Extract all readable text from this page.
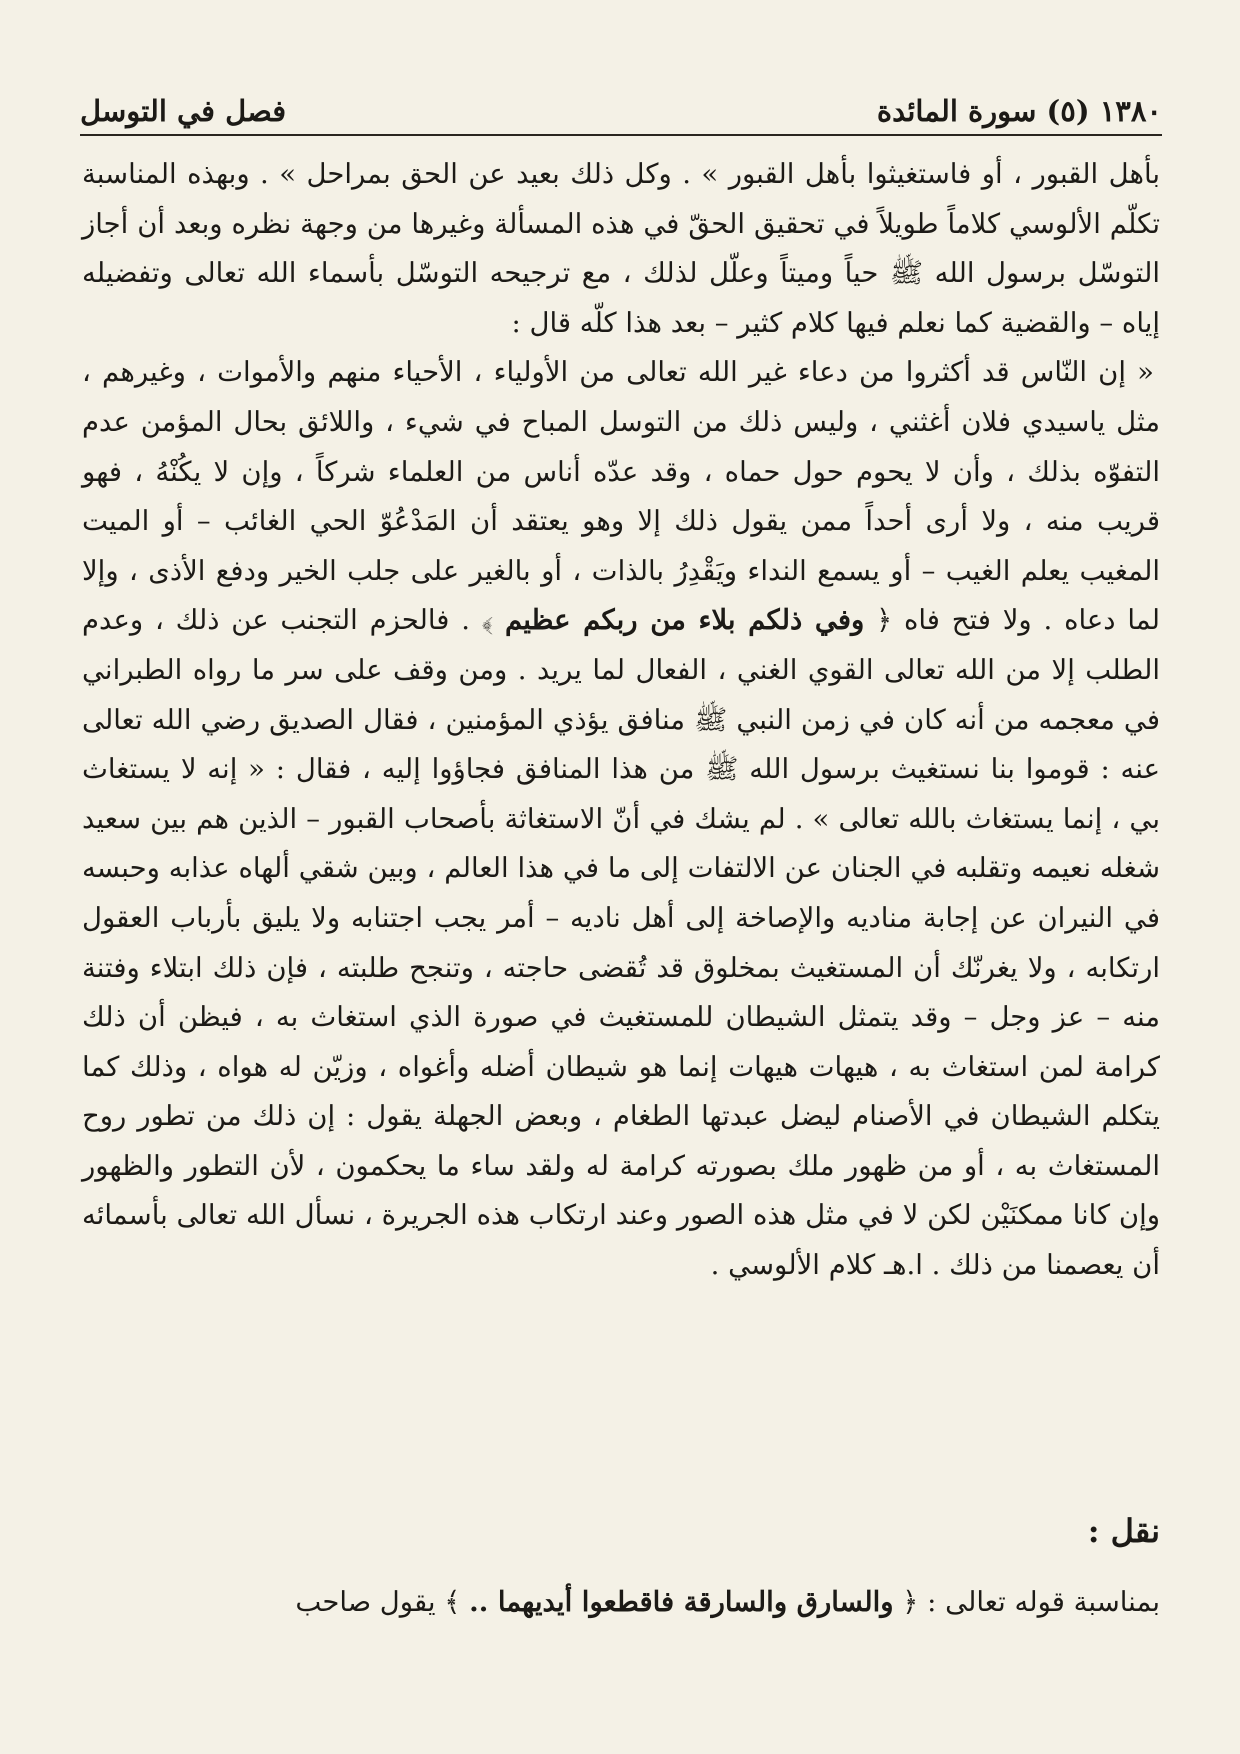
١٣٨٠ (٥) سورة المائدة
فصل في التوسل

بأهل القبور ، أو فاستغيثوا بأهل القبور » . وكل ذلك بعيد عن الحق بمراحل » . وبهذه المناسبة تكلّم الألوسي كلاماً طويلاً في تحقيق الحقّ في هذه المسألة وغيرها من وجهة نظره وبعد أن أجاز التوسّل برسول الله ﷺ حياً وميتاً وعلّل لذلك ، مع ترجيحه التوسّل بأسماء الله تعالى وتفضيله إياه – والقضية كما نعلم فيها كلام كثير – بعد هذا كلّه قال :

« إن النّاس قد أكثروا من دعاء غير الله تعالى من الأولياء ، الأحياء منهم والأموات ، وغيرهم ، مثل ياسيدي فلان أغثني ، وليس ذلك من التوسل المباح في شيء ، واللائق بحال المؤمن عدم التفوّه بذلك ، وأن لا يحوم حول حماه ، وقد عدّه أناس من العلماء شركاً ، وإن لا يكُنْهُ ، فهو قريب منه ، ولا أرى أحداً ممن يقول ذلك إلا وهو يعتقد أن المَدْعُوّ الحي الغائب – أو الميت المغيب يعلم الغيب – أو يسمع النداء ويَقْدِرُ بالذات ، أو بالغير على جلب الخير ودفع الأذى ، وإلا لما دعاه . ولا فتح فاه ﴿ وفي ذلكم بلاء من ربكم عظيم ﴾ . فالحزم التجنب عن ذلك ، وعدم الطلب إلا من الله تعالى القوي الغني ، الفعال لما يريد . ومن وقف على سر ما رواه الطبراني في معجمه من أنه كان في زمن النبي ﷺ منافق يؤذي المؤمنين ، فقال الصديق رضي الله تعالى عنه : قوموا بنا نستغيث برسول الله ﷺ من هذا المنافق فجاؤوا إليه ، فقال : « إنه لا يستغاث بي ، إنما يستغاث بالله تعالى » . لم يشك في أنّ الاستغاثة بأصحاب القبور – الذين هم بين سعيد شغله نعيمه وتقلبه في الجنان عن الالتفات إلى ما في هذا العالم ، وبين شقي ألهاه عذابه وحبسه في النيران عن إجابة مناديه والإصاخة إلى أهل ناديه – أمر يجب اجتنابه ولا يليق بأرباب العقول ارتكابه ، ولا يغرنّك أن المستغيث بمخلوق قد تُقضى حاجته ، وتنجح طلبته ، فإن ذلك ابتلاء وفتنة منه – عز وجل – وقد يتمثل الشيطان للمستغيث في صورة الذي استغاث به ، فيظن أن ذلك كرامة لمن استغاث به ، هيهات هيهات إنما هو شيطان أضله وأغواه ، وزيّن له هواه ، وذلك كما يتكلم الشيطان في الأصنام ليضل عبدتها الطغام ، وبعض الجهلة يقول : إن ذلك من تطور روح المستغاث به ، أو من ظهور ملك بصورته كرامة له ولقد ساء ما يحكمون ، لأن التطور والظهور وإن كانا ممكنَيْن لكن لا في مثل هذه الصور وعند ارتكاب هذه الجريرة ، نسأل الله تعالى بأسمائه أن يعصمنا من ذلك . ا.هـ كلام الألوسي .

نقل :
بمناسبة قوله تعالى : ﴿ والسارق والسارقة فاقطعوا أيديهما .. ﴾ يقول صاحب
